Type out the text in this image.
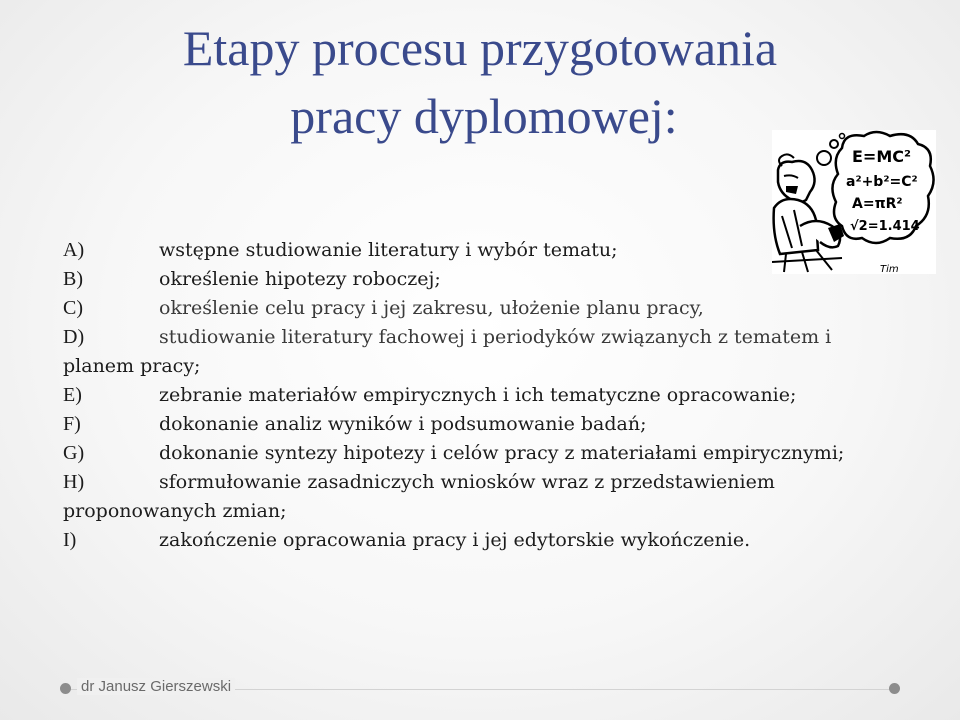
Etapy procesu przygotowania
pracy dyplomowej:
E=MC²
a²+b²=C²
A=πR²
√2=1.414
Tim
A)	wstępne studiowanie literatury i wybór tematu;
B)	określenie hipotezy roboczej;
C)	określenie celu pracy i jej zakresu, ułożenie planu pracy,
D)	studiowanie literatury fachowej i periodyków związanych z tematem i
planem pracy;
E)	zebranie materiałów empirycznych i ich tematyczne opracowanie;
F)	dokonanie analiz wyników i podsumowanie badań;
G)	dokonanie syntezy hipotezy i celów pracy z materiałami empirycznymi;
H)	sformułowanie zasadniczych wniosków wraz z przedstawieniem
proponowanych zmian;
I)	zakończenie opracowania pracy i jej edytorskie wykończenie.
dr Janusz Gierszewski
